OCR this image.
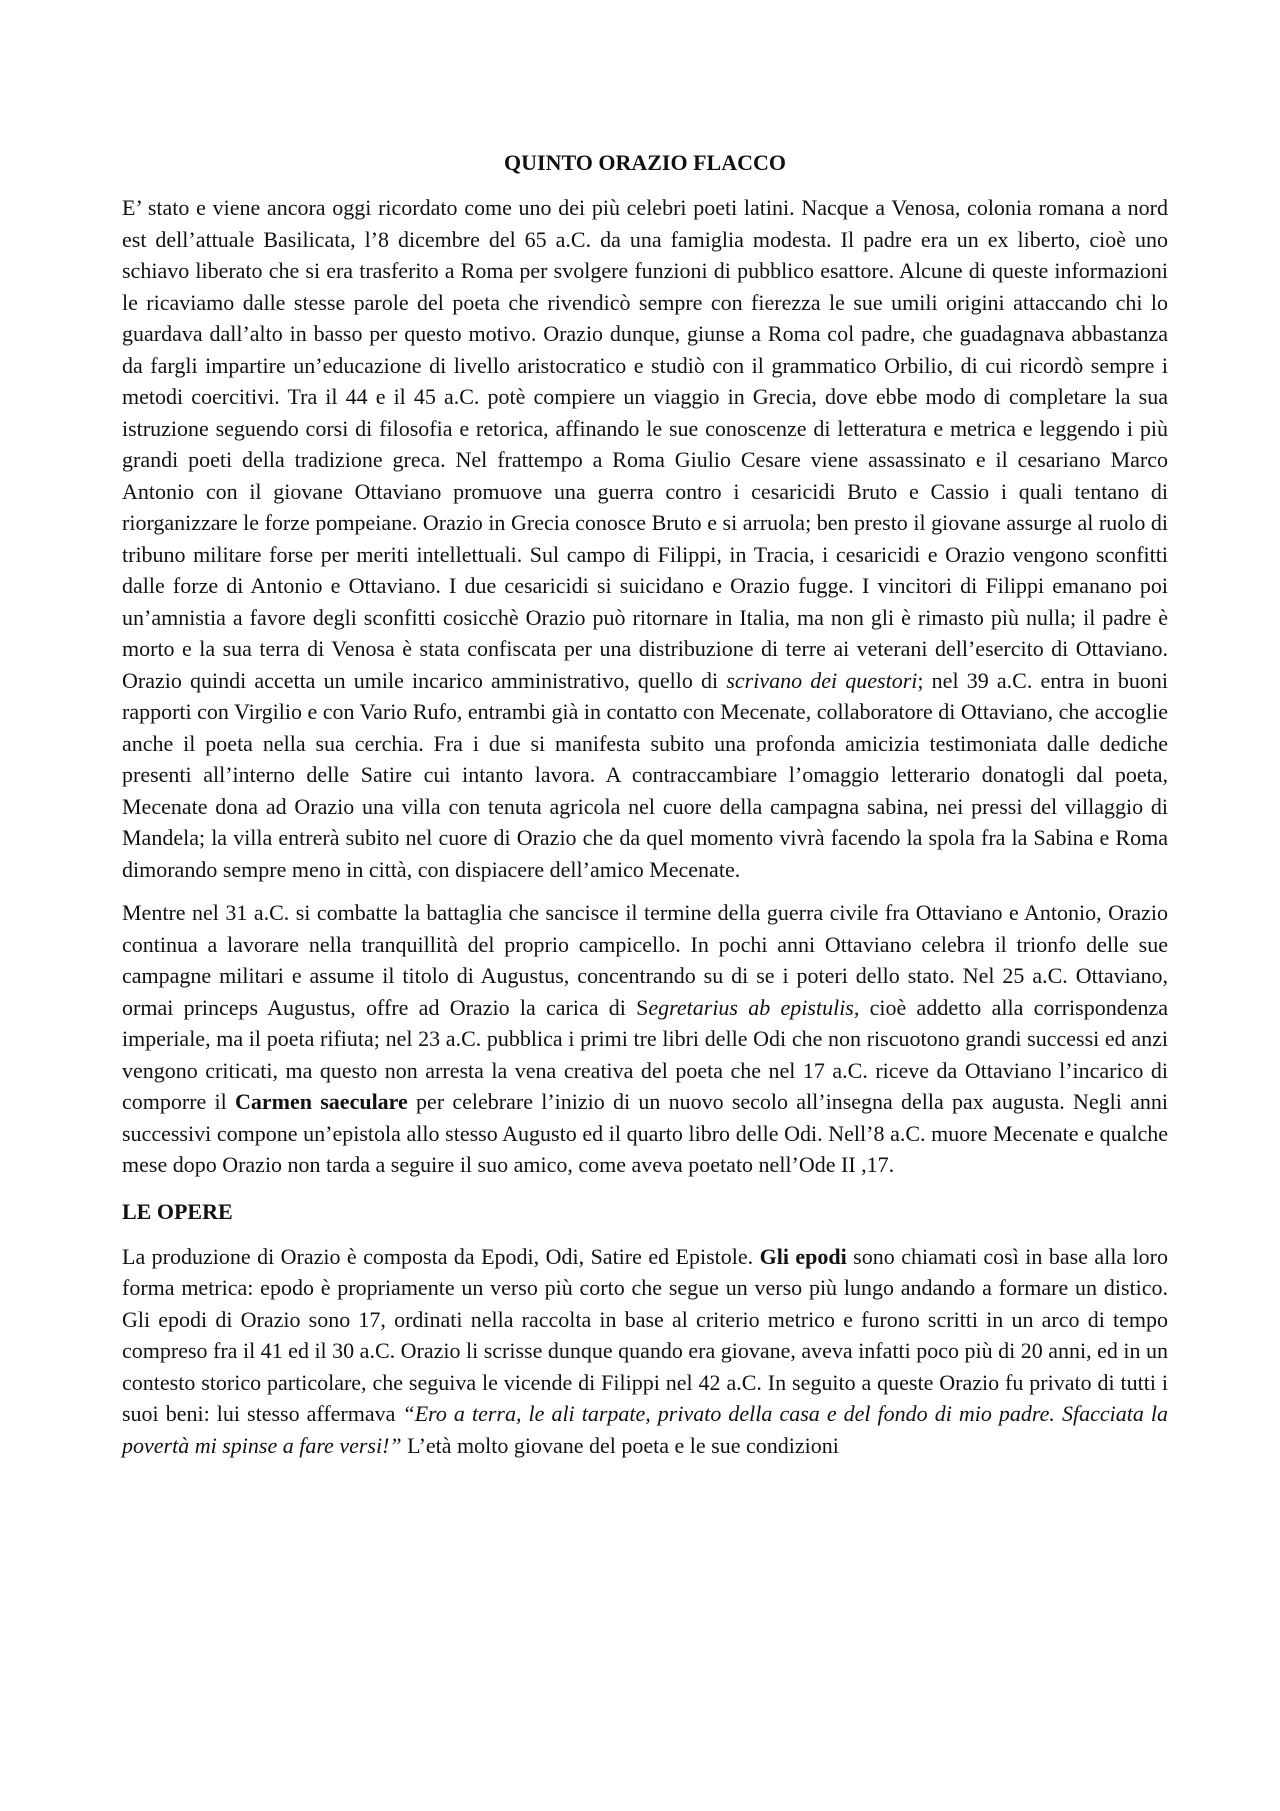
QUINTO ORAZIO FLACCO
E’ stato e viene ancora oggi ricordato come uno dei più celebri poeti latini. Nacque a Venosa, colonia romana a nord est dell’attuale Basilicata, l’8 dicembre del 65 a.C. da una famiglia modesta. Il padre era un ex liberto, cioè uno schiavo liberato che si era trasferito a Roma per svolgere funzioni di pubblico esattore. Alcune di queste informazioni le ricaviamo dalle stesse parole del poeta che rivendicò sempre con fierezza le sue umili origini attaccando chi lo guardava dall’alto in basso per questo motivo. Orazio dunque, giunse a Roma col padre, che guadagnava abbastanza da fargli impartire un’educazione di livello aristocratico e studiò con il grammatico Orbilio, di cui ricordò sempre i metodi coercitivi. Tra il 44 e il 45 a.C. potè compiere un viaggio in Grecia, dove ebbe modo di completare la sua istruzione seguendo corsi di filosofia e retorica, affinando le sue conoscenze di letteratura e metrica e leggendo i più grandi poeti della tradizione greca. Nel frattempo a Roma Giulio Cesare viene assassinato e il cesariano Marco Antonio con il giovane Ottaviano promuove una guerra contro i cesaricidi Bruto e Cassio i quali tentano di riorganizzare le forze pompeiane. Orazio in Grecia conosce Bruto e si arruola; ben presto il giovane assurge al ruolo di tribuno militare forse per meriti intellettuali. Sul campo di Filippi, in Tracia, i cesaricidi e Orazio vengono sconfitti dalle forze di Antonio e Ottaviano. I due cesaricidi si suicidano e Orazio fugge. I vincitori di Filippi emanano poi un’amnistia a favore degli sconfitti cosicchè Orazio può ritornare in Italia, ma non gli è rimasto più nulla; il padre è morto e la sua terra di Venosa è stata confiscata per una distribuzione di terre ai veterani dell’esercito di Ottaviano. Orazio quindi accetta un umile incarico amministrativo, quello di scrivano dei questori; nel 39 a.C. entra in buoni rapporti con Virgilio e con Vario Rufo, entrambi già in contatto con Mecenate, collaboratore di Ottaviano, che accoglie anche il poeta nella sua cerchia. Fra i due si manifesta subito una profonda amicizia testimoniata dalle dediche presenti all’interno delle Satire cui intanto lavora. A contraccambiare l’omaggio letterario donatogli dal poeta, Mecenate dona ad Orazio una villa con tenuta agricola nel cuore della campagna sabina, nei pressi del villaggio di Mandela; la villa entrerà subito nel cuore di Orazio che da quel momento vivrà facendo la spola fra la Sabina e Roma dimorando sempre meno in città, con dispiacere dell’amico Mecenate.
Mentre nel 31 a.C. si combatte la battaglia che sancisce il termine della guerra civile fra Ottaviano e Antonio, Orazio continua a lavorare nella tranquillità del proprio campicello. In pochi anni Ottaviano celebra il trionfo delle sue campagne militari e assume il titolo di Augustus, concentrando su di se i poteri dello stato. Nel 25 a.C. Ottaviano, ormai princeps Augustus, offre ad Orazio la carica di Segretarius ab epistulis, cioè addetto alla corrispondenza imperiale, ma il poeta rifiuta; nel 23 a.C. pubblica i primi tre libri delle Odi che non riscuotono grandi successi ed anzi vengono criticati, ma questo non arresta la vena creativa del poeta che nel 17 a.C. riceve da Ottaviano l’incarico di comporre il Carmen saeculare per celebrare l’inizio di un nuovo secolo all’insegna della pax augusta. Negli anni successivi compone un’epistola allo stesso Augusto ed il quarto libro delle Odi. Nell’8 a.C. muore Mecenate e qualche mese dopo Orazio non tarda a seguire il suo amico, come aveva poetato nell’Ode II ,17.
LE OPERE
La produzione di Orazio è composta da Epodi, Odi, Satire ed Epistole. Gli epodi sono chiamati così in base alla loro forma metrica: epodo è propriamente un verso più corto che segue un verso più lungo andando a formare un distico. Gli epodi di Orazio sono 17, ordinati nella raccolta in base al criterio metrico e furono scritti in un arco di tempo compreso fra il 41 ed il 30 a.C. Orazio li scrisse dunque quando era giovane, aveva infatti poco più di 20 anni, ed in un contesto storico particolare, che seguiva le vicende di Filippi nel 42 a.C. In seguito a queste Orazio fu privato di tutti i suoi beni: lui stesso affermava “Ero a terra, le ali tarpate, privato della casa e del fondo di mio padre. Sfacciata la povertà mi spinse a fare versi!” L’età molto giovane del poeta e le sue condizioni
